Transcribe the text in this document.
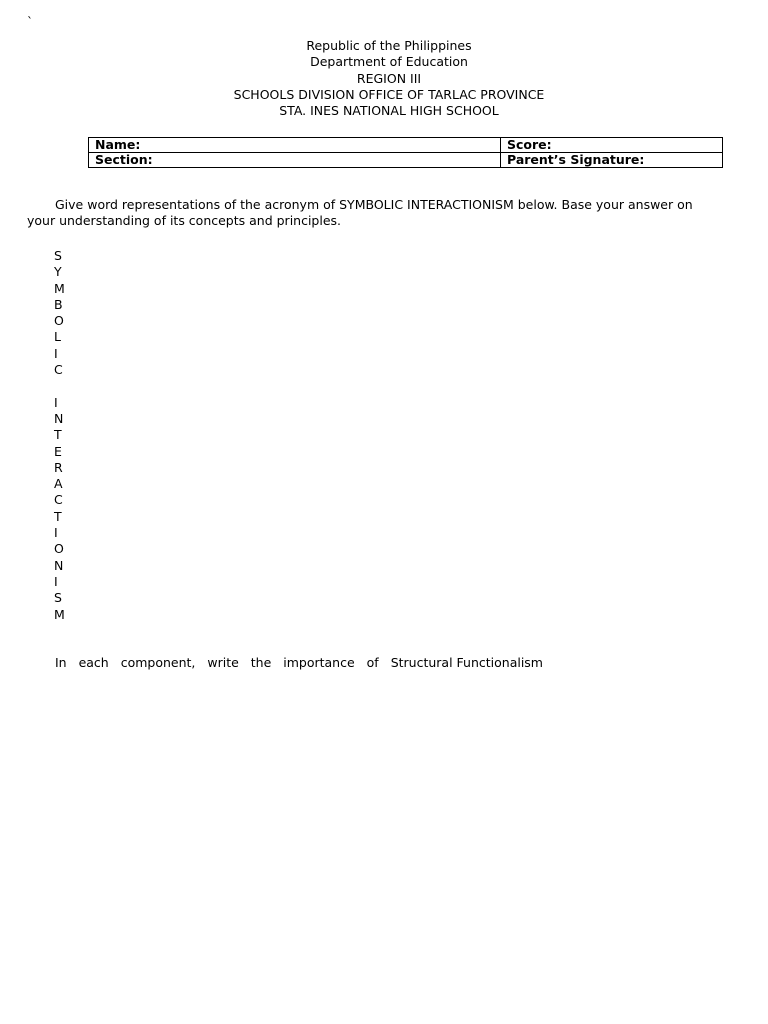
`
Republic of the Philippines
Department of Education
REGION III
SCHOOLS DIVISION OFFICE OF TARLAC PROVINCE
STA. INES NATIONAL HIGH SCHOOL
Name:	Score:
Section:	Parent’s Signature:

Give word representations of the acronym of SYMBOLIC INTERACTIONISM below. Base your answer on your understanding of its concepts and principles.

S
Y
M
B
O
L
I
C
I
N
T
E
R
A
C
T
I
O
N
I
S
M
In each component, write the importance of Structural Functionalism
